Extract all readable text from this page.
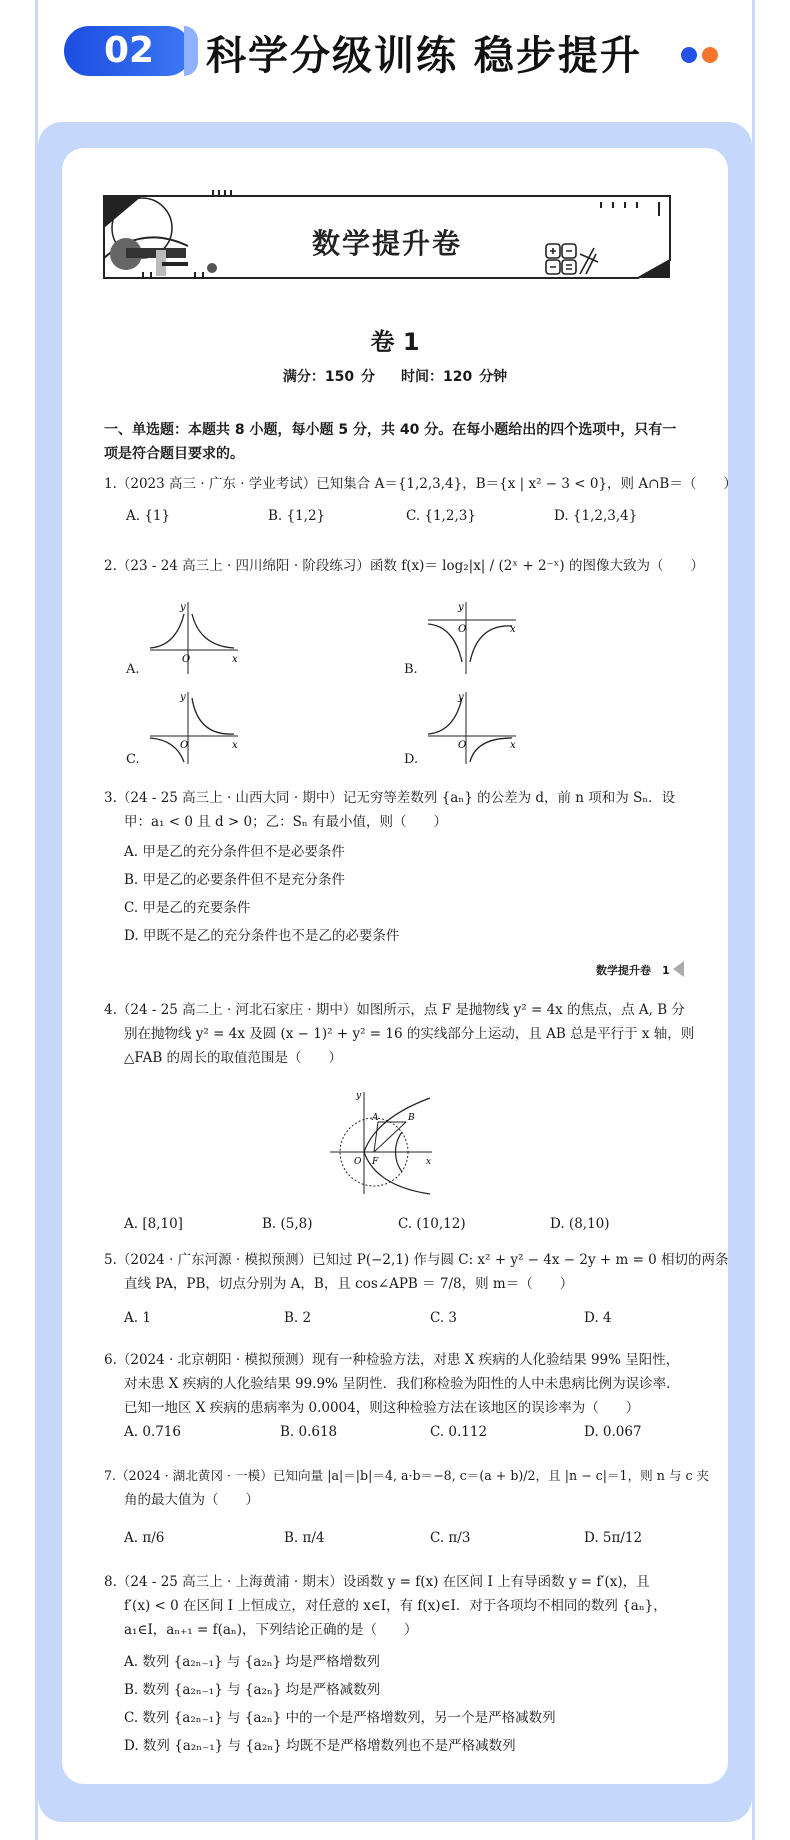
02	科学分级训练 稳步提升
数学提升卷
卷 1
满分：150 分 时间：120 分钟
一、单选题：本题共 8 小题，每小题 5 分，共 40 分。在每小题给出的四个选项中，只有一
项是符合题目要求的。
1.（2023 高三 · 广东 · 学业考试）已知集合 A＝{1,2,3,4}，B＝{x | x² − 3 < 0}，则 A∩B＝（　　）
A. {1}	B. {1,2}	C. {1,2,3}	D. {1,2,3,4}
2.（23 - 24 高三上 · 四川绵阳 · 阶段练习）函数 f(x)＝ log₂|x| / (2ˣ + 2⁻ˣ) 的图像大致为（　　）
O	x
y
A.
O	x
y
B.
O	x
y
C.
O	x
y
D.
3.（24 - 25 高三上 · 山西大同 · 期中）记无穷等差数列 {aₙ} 的公差为 d，前 n 项和为 Sₙ．设
甲：a₁ < 0 且 d > 0；乙：Sₙ 有最小值，则（　　）
A. 甲是乙的充分条件但不是必要条件
B. 甲是乙的必要条件但不是充分条件
C. 甲是乙的充要条件
D. 甲既不是乙的充分条件也不是乙的必要条件
数学提升卷　1
4.（24 - 25 高二上 · 河北石家庄 · 期中）如图所示，点 F 是抛物线 y² = 4x 的焦点，点 A, B 分
别在抛物线 y² = 4x 及圆 (x − 1)² + y² = 16 的实线部分上运动，且 AB 总是平行于 x 轴，则
△FAB 的周长的取值范围是（　　）
A	B
O F	x
y
A. [8,10]	B. (5,8)	C. (10,12)	D. (8,10)
5.（2024 · 广东河源 · 模拟预测）已知过 P(−2,1) 作与圆 C: x² + y² − 4x − 2y + m = 0 相切的两条
直线 PA，PB，切点分别为 A，B，且 cos∠APB ＝ 7/8，则 m＝（　　）
A. 1	B. 2	C. 3	D. 4
6.（2024 · 北京朝阳 · 模拟预测）现有一种检验方法，对患 X 疾病的人化验结果 99% 呈阳性，
对未患 X 疾病的人化验结果 99.9% 呈阴性．我们称检验为阳性的人中未患病比例为误诊率．
已知一地区 X 疾病的患病率为 0.0004，则这种检验方法在该地区的误诊率为（　　）
A. 0.716	B. 0.618	C. 0.112	D. 0.067
7.（2024 · 湖北黄冈 · 一模）已知向量 |a|＝|b|＝4, a·b＝−8, c＝(a + b)/2，且 |n − c|＝1，则 n 与 c 夹
角的最大值为（　　）
A. π/6	B. π/4	C. π/3	D. 5π/12
8.（24 - 25 高三上 · 上海黄浦 · 期末）设函数 y = f(x) 在区间 I 上有导函数 y = f′(x)，且
f′(x) < 0 在区间 I 上恒成立，对任意的 x∈I，有 f(x)∈I．对于各项均不相同的数列 {aₙ}，
a₁∈I，aₙ₊₁ = f(aₙ)，下列结论正确的是（　　）
A. 数列 {a₂ₙ₋₁} 与 {a₂ₙ} 均是严格增数列
B. 数列 {a₂ₙ₋₁} 与 {a₂ₙ} 均是严格减数列
C. 数列 {a₂ₙ₋₁} 与 {a₂ₙ} 中的一个是严格增数列，另一个是严格减数列
D. 数列 {a₂ₙ₋₁} 与 {a₂ₙ} 均既不是严格增数列也不是严格减数列
